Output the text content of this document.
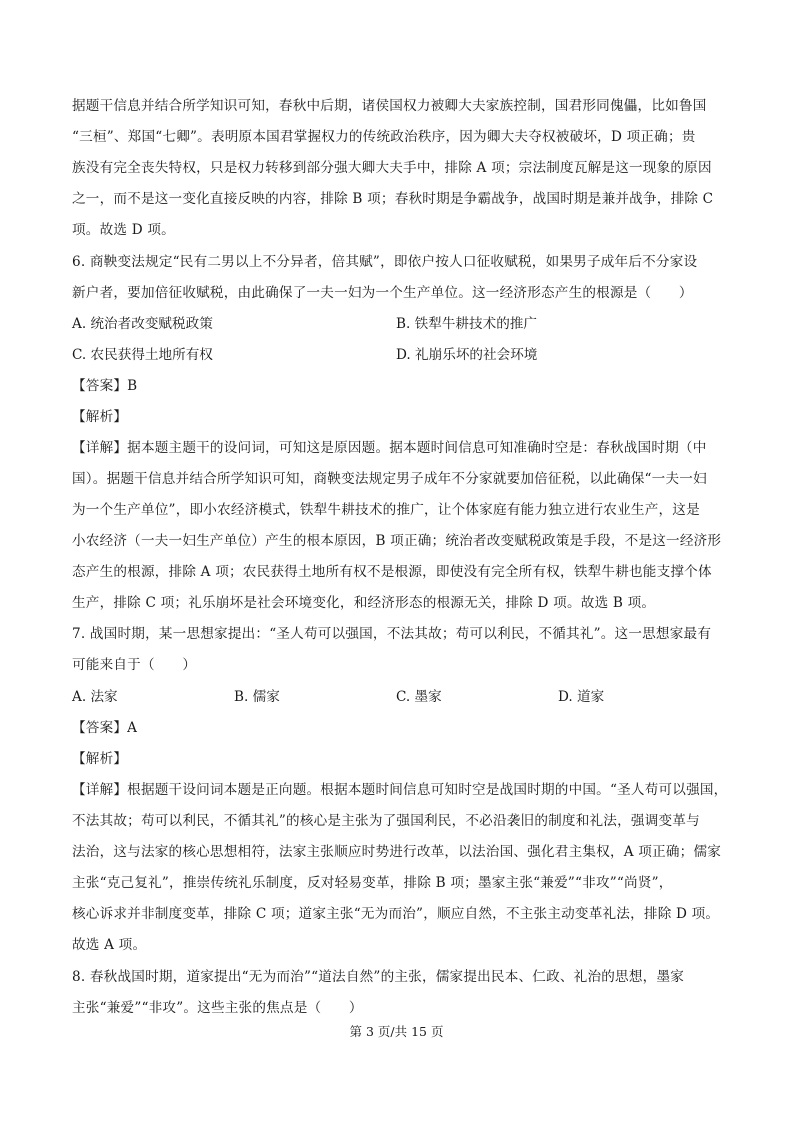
据题干信息并结合所学知识可知，春秋中后期，诸侯国权力被卿大夫家族控制，国君形同傀儡，比如鲁国
“三桓”、郑国“七卿”。表明原本国君掌握权力的传统政治秩序，因为卿大夫夺权被破坏，D 项正确；贵
族没有完全丧失特权，只是权力转移到部分强大卿大夫手中，排除 A 项；宗法制度瓦解是这一现象的原因
之一，而不是这一变化直接反映的内容，排除 B 项；春秋时期是争霸战争，战国时期是兼并战争，排除 C
项。故选 D 项。
6. 商鞅变法规定“民有二男以上不分异者，倍其赋”，即依户按人口征收赋税，如果男子成年后不分家设
新户者，要加倍征收赋税，由此确保了一夫一妇为一个生产单位。这一经济形态产生的根源是（　　）
A. 统治者改变赋税政策	B. 铁犁牛耕技术的推广
C. 农民获得土地所有权	D. 礼崩乐坏的社会环境
【答案】B
【解析】
【详解】据本题主题干的设问词，可知这是原因题。据本题时间信息可知准确时空是：春秋战国时期（中
国）。据题干信息并结合所学知识可知，商鞅变法规定男子成年不分家就要加倍征税，以此确保“一夫一妇
为一个生产单位”，即小农经济模式，铁犁牛耕技术的推广，让个体家庭有能力独立进行农业生产，这是
小农经济（一夫一妇生产单位）产生的根本原因，B 项正确；统治者改变赋税政策是手段，不是这一经济形
态产生的根源，排除 A 项；农民获得土地所有权不是根源，即使没有完全所有权，铁犁牛耕也能支撑个体
生产，排除 C 项；礼乐崩坏是社会环境变化，和经济形态的根源无关，排除 D 项。故选 B 项。
7. 战国时期，某一思想家提出：“圣人苟可以强国，不法其故；苟可以利民，不循其礼”。这一思想家最有
可能来自于（　　）
A. 法家	B. 儒家	C. 墨家	D. 道家
【答案】A
【解析】
【详解】根据题干设问词本题是正向题。根据本题时间信息可知时空是战国时期的中国。“圣人苟可以强国，
不法其故；苟可以利民，不循其礼”的核心是主张为了强国利民，不必沿袭旧的制度和礼法，强调变革与
法治，这与法家的核心思想相符，法家主张顺应时势进行改革，以法治国、强化君主集权，A 项正确；儒家
主张“克己复礼”，推崇传统礼乐制度，反对轻易变革，排除 B 项；墨家主张“兼爱”“非攻”“尚贤”，
核心诉求并非制度变革，排除 C 项；道家主张“无为而治”，顺应自然，不主张主动变革礼法，排除 D 项。
故选 A 项。
8. 春秋战国时期，道家提出“无为而治”“道法自然”的主张，儒家提出民本、仁政、礼治的思想，墨家
主张“兼爱”“非攻”。这些主张的焦点是（　　）
第 3 页/共 15 页
